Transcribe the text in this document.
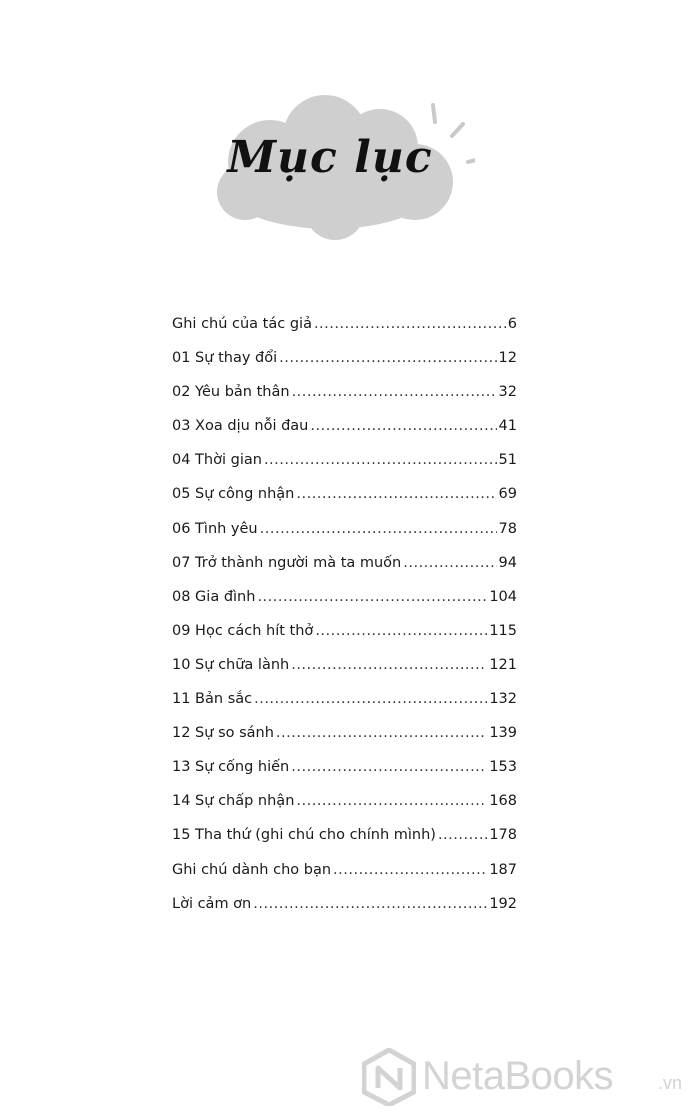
Mục lục
Ghi chú của tác giả .....	6
01 Sự thay đổi .....	12
02 Yêu bản thân .....	32
03 Xoa dịu nỗi đau .....	41
04 Thời gian .....	51
05 Sự công nhận .....	69
06 Tình yêu .....	78
07 Trở thành người mà ta muốn .....	94
08 Gia đình .....	104
09 Học cách hít thở .....	115
10 Sự chữa lành .....	121
11 Bản sắc .....	132
12 Sự so sánh .....	139
13 Sự cống hiến .....	153
14 Sự chấp nhận .....	168
15 Tha thứ (ghi chú cho chính mình) .....	178
Ghi chú dành cho bạn .....	187
Lời cảm ơn .....	192
NetaBooks .vn
